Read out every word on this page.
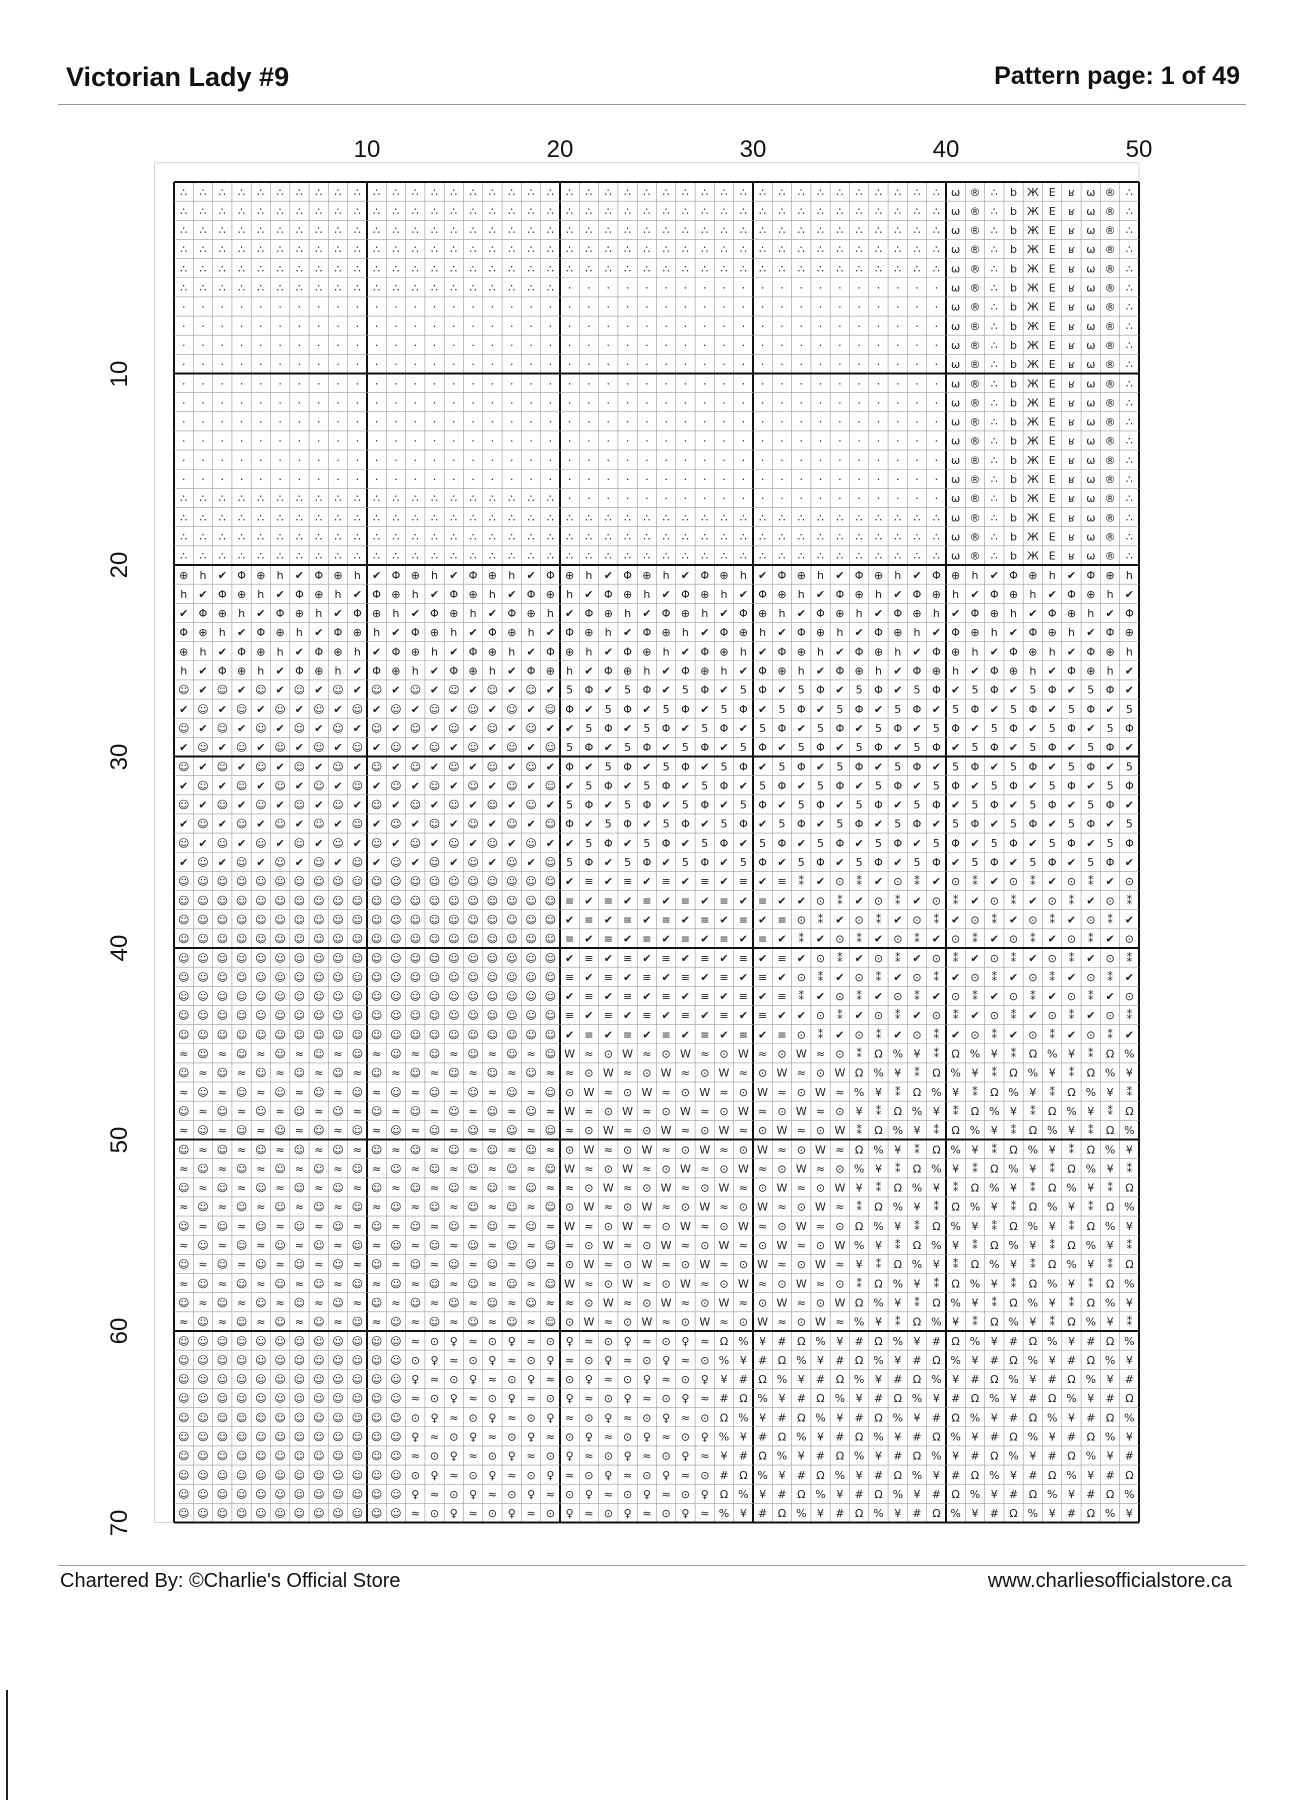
Victorian Lady #9	Pattern page: 1 of 49
10	20	30	40	50
10
20
30
40
50
60
70
∴ ∴ ∴ ∴ ∴ ∴ ∴ ∴ ∴ ∴ ∴ ∴ ∴ ∴ ∴ ∴ ∴ ∴ ∴ ∴ ∴ ∴ ∴ ∴ ∴ ∴ ∴ ∴ ∴ ∴ ∴ ∴ ∴ ∴ ∴ ∴ ∴ ∴ ∴ ∴ ω ® ∴ b Ж E ʁ ω ® ∴
∴ ∴ ∴ ∴ ∴ ∴ ∴ ∴ ∴ ∴ ∴ ∴ ∴ ∴ ∴ ∴ ∴ ∴ ∴ ∴ ∴ ∴ ∴ ∴ ∴ ∴ ∴ ∴ ∴ ∴ ∴ ∴ ∴ ∴ ∴ ∴ ∴ ∴ ∴ ∴ ω ® ∴ b Ж E ʁ ω ® ∴
∴ ∴ ∴ ∴ ∴ ∴ ∴ ∴ ∴ ∴ ∴ ∴ ∴ ∴ ∴ ∴ ∴ ∴ ∴ ∴ ∴ ∴ ∴ ∴ ∴ ∴ ∴ ∴ ∴ ∴ ∴ ∴ ∴ ∴ ∴ ∴ ∴ ∴ ∴ ∴ ω ® ∴ b Ж E ʁ ω ® ∴
∴ ∴ ∴ ∴ ∴ ∴ ∴ ∴ ∴ ∴ ∴ ∴ ∴ ∴ ∴ ∴ ∴ ∴ ∴ ∴ ∴ ∴ ∴ ∴ ∴ ∴ ∴ ∴ ∴ ∴ ∴ ∴ ∴ ∴ ∴ ∴ ∴ ∴ ∴ ∴ ω ® ∴ b Ж E ʁ ω ® ∴
∴ ∴ ∴ ∴ ∴ ∴ ∴ ∴ ∴ ∴ ∴ ∴ ∴ ∴ ∴ ∴ ∴ ∴ ∴ ∴ ∴ ∴ ∴ ∴ ∴ ∴ ∴ ∴ ∴ ∴ ∴ ∴ ∴ ∴ ∴ ∴ ∴ ∴ ∴ ∴ ω ® ∴ b Ж E ʁ ω ® ∴
∴ ∴ ∴ ∴ ∴ ∴ ∴ ∴ ∴ ∴ ∴ ∴ ∴ ∴ ∴ ∴ ∴ ∴ ∴ ∴ · · · · · · · · · · · · · · · · · · · · ω ® ∴ b Ж E ʁ ω ® ∴
· · · · · · · · · · · · · · · · · · · · · · · · · · · · · · · · · · · · · · · · ω ® ∴ b Ж E ʁ ω ® ∴
· · · · · · · · · · · · · · · · · · · · · · · · · · · · · · · · · · · · · · · · ω ® ∴ b Ж E ʁ ω ® ∴
· · · · · · · · · · · · · · · · · · · · · · · · · · · · · · · · · · · · · · · · ω ® ∴ b Ж E ʁ ω ® ∴
· · · · · · · · · · · · · · · · · · · · · · · · · · · · · · · · · · · · · · · · ω ® ∴ b Ж E ʁ ω ® ∴
· · · · · · · · · · · · · · · · · · · · · · · · · · · · · · · · · · · · · · · · ω ® ∴ b Ж E ʁ ω ® ∴
· · · · · · · · · · · · · · · · · · · · · · · · · · · · · · · · · · · · · · · · ω ® ∴ b Ж E ʁ ω ® ∴
· · · · · · · · · · · · · · · · · · · · · · · · · · · · · · · · · · · · · · · · ω ® ∴ b Ж E ʁ ω ® ∴
· · · · · · · · · · · · · · · · · · · · · · · · · · · · · · · · · · · · · · · · ω ® ∴ b Ж E ʁ ω ® ∴
· · · · · · · · · · · · · · · · · · · · · · · · · · · · · · · · · · · · · · · · ω ® ∴ b Ж E ʁ ω ® ∴
· · · · · · · · · · · · · · · · · · · · · · · · · · · · · · · · · · · · · · · · ω ® ∴ b Ж E ʁ ω ® ∴
∴ ∴ ∴ ∴ ∴ ∴ ∴ ∴ ∴ ∴ ∴ ∴ ∴ ∴ ∴ ∴ ∴ ∴ ∴ ∴ · · · · · · · · · · · · · · · · · · · · ω ® ∴ b Ж E ʁ ω ® ∴
∴ ∴ ∴ ∴ ∴ ∴ ∴ ∴ ∴ ∴ ∴ ∴ ∴ ∴ ∴ ∴ ∴ ∴ ∴ ∴ ∴ ∴ ∴ ∴ ∴ ∴ ∴ ∴ ∴ ∴ ∴ ∴ ∴ ∴ ∴ ∴ ∴ ∴ ∴ ∴ ω ® ∴ b Ж E ʁ ω ® ∴
∴ ∴ ∴ ∴ ∴ ∴ ∴ ∴ ∴ ∴ ∴ ∴ ∴ ∴ ∴ ∴ ∴ ∴ ∴ ∴ ∴ ∴ ∴ ∴ ∴ ∴ ∴ ∴ ∴ ∴ ∴ ∴ ∴ ∴ ∴ ∴ ∴ ∴ ∴ ∴ ω ® ∴ b Ж E ʁ ω ® ∴
∴ ∴ ∴ ∴ ∴ ∴ ∴ ∴ ∴ ∴ ∴ ∴ ∴ ∴ ∴ ∴ ∴ ∴ ∴ ∴ ∴ ∴ ∴ ∴ ∴ ∴ ∴ ∴ ∴ ∴ ∴ ∴ ∴ ∴ ∴ ∴ ∴ ∴ ∴ ∴ ω ® ∴ b Ж E ʁ ω ® ∴
⊕ h ✔ Φ ⊕ h ✔ Φ ⊕ h ✔ Φ ⊕ h ✔ Φ ⊕ h ✔ Φ ⊕ h ✔ Φ ⊕ h ✔ Φ ⊕ h ✔ Φ ⊕ h ✔ Φ ⊕ h ✔ Φ ⊕ h ✔ Φ ⊕ h ✔ Φ ⊕ h
h ✔ Φ ⊕ h ✔ Φ ⊕ h ✔ Φ ⊕ h ✔ Φ ⊕ h ✔ Φ ⊕ h ✔ Φ ⊕ h ✔ Φ ⊕ h ✔ Φ ⊕ h ✔ Φ ⊕ h ✔ Φ ⊕ h ✔ Φ ⊕ h ✔ Φ ⊕ h ✔
✔ Φ ⊕ h ✔ Φ ⊕ h ✔ Φ ⊕ h ✔ Φ ⊕ h ✔ Φ ⊕ h ✔ Φ ⊕ h ✔ Φ ⊕ h ✔ Φ ⊕ h ✔ Φ ⊕ h ✔ Φ ⊕ h ✔ Φ ⊕ h ✔ Φ ⊕ h ✔ Φ
Φ ⊕ h ✔ Φ ⊕ h ✔ Φ ⊕ h ✔ Φ ⊕ h ✔ Φ ⊕ h ✔ Φ ⊕ h ✔ Φ ⊕ h ✔ Φ ⊕ h ✔ Φ ⊕ h ✔ Φ ⊕ h ✔ Φ ⊕ h ✔ Φ ⊕ h ✔ Φ ⊕
⊕ h ✔ Φ ⊕ h ✔ Φ ⊕ h ✔ Φ ⊕ h ✔ Φ ⊕ h ✔ Φ ⊕ h ✔ Φ ⊕ h ✔ Φ ⊕ h ✔ Φ ⊕ h ✔ Φ ⊕ h ✔ Φ ⊕ h ✔ Φ ⊕ h ✔ Φ ⊕ h
h ✔ Φ ⊕ h ✔ Φ ⊕ h ✔ Φ ⊕ h ✔ Φ ⊕ h ✔ Φ ⊕ h ✔ Φ ⊕ h ✔ Φ ⊕ h ✔ Φ ⊕ h ✔ Φ ⊕ h ✔ Φ ⊕ h ✔ Φ ⊕ h ✔ Φ ⊕ h ✔
☺ ✔ ☺ ✔ ☺ ✔ ☺ ✔ ☺ ✔ ☺ ✔ ☺ ✔ ☺ ✔ ☺ ✔ ☺ ✔ 5 Φ ✔ 5 Φ ✔ 5 Φ ✔ 5 Φ ✔ 5 Φ ✔ 5 Φ ✔ 5 Φ ✔ 5 Φ ✔ 5 Φ ✔ 5 Φ ✔
✔ ☺ ✔ ☺ ✔ ☺ ✔ ☺ ✔ ☺ ✔ ☺ ✔ ☺ ✔ ☺ ✔ ☺ ✔ ☺ Φ ✔ 5 Φ ✔ 5 Φ ✔ 5 Φ ✔ 5 Φ ✔ 5 Φ ✔ 5 Φ ✔ 5 Φ ✔ 5 Φ ✔ 5 Φ ✔ 5
☺ ✔ ☺ ✔ ☺ ✔ ☺ ✔ ☺ ✔ ☺ ✔ ☺ ✔ ☺ ✔ ☺ ✔ ☺ ✔ ✔ 5 Φ ✔ 5 Φ ✔ 5 Φ ✔ 5 Φ ✔ 5 Φ ✔ 5 Φ ✔ 5 Φ ✔ 5 Φ ✔ 5 Φ ✔ 5 Φ
✔ ☺ ✔ ☺ ✔ ☺ ✔ ☺ ✔ ☺ ✔ ☺ ✔ ☺ ✔ ☺ ✔ ☺ ✔ ☺ 5 Φ ✔ 5 Φ ✔ 5 Φ ✔ 5 Φ ✔ 5 Φ ✔ 5 Φ ✔ 5 Φ ✔ 5 Φ ✔ 5 Φ ✔ 5 Φ ✔
☺ ✔ ☺ ✔ ☺ ✔ ☺ ✔ ☺ ✔ ☺ ✔ ☺ ✔ ☺ ✔ ☺ ✔ ☺ ✔ Φ ✔ 5 Φ ✔ 5 Φ ✔ 5 Φ ✔ 5 Φ ✔ 5 Φ ✔ 5 Φ ✔ 5 Φ ✔ 5 Φ ✔ 5 Φ ✔ 5
✔ ☺ ✔ ☺ ✔ ☺ ✔ ☺ ✔ ☺ ✔ ☺ ✔ ☺ ✔ ☺ ✔ ☺ ✔ ☺ ✔ 5 Φ ✔ 5 Φ ✔ 5 Φ ✔ 5 Φ ✔ 5 Φ ✔ 5 Φ ✔ 5 Φ ✔ 5 Φ ✔ 5 Φ ✔ 5 Φ
☺ ✔ ☺ ✔ ☺ ✔ ☺ ✔ ☺ ✔ ☺ ✔ ☺ ✔ ☺ ✔ ☺ ✔ ☺ ✔ 5 Φ ✔ 5 Φ ✔ 5 Φ ✔ 5 Φ ✔ 5 Φ ✔ 5 Φ ✔ 5 Φ ✔ 5 Φ ✔ 5 Φ ✔ 5 Φ ✔
✔ ☺ ✔ ☺ ✔ ☺ ✔ ☺ ✔ ☺ ✔ ☺ ✔ ☺ ✔ ☺ ✔ ☺ ✔ ☺ Φ ✔ 5 Φ ✔ 5 Φ ✔ 5 Φ ✔ 5 Φ ✔ 5 Φ ✔ 5 Φ ✔ 5 Φ ✔ 5 Φ ✔ 5 Φ ✔ 5
☺ ✔ ☺ ✔ ☺ ✔ ☺ ✔ ☺ ✔ ☺ ✔ ☺ ✔ ☺ ✔ ☺ ✔ ☺ ✔ ✔ 5 Φ ✔ 5 Φ ✔ 5 Φ ✔ 5 Φ ✔ 5 Φ ✔ 5 Φ ✔ 5 Φ ✔ 5 Φ ✔ 5 Φ ✔ 5 Φ
✔ ☺ ✔ ☺ ✔ ☺ ✔ ☺ ✔ ☺ ✔ ☺ ✔ ☺ ✔ ☺ ✔ ☺ ✔ ☺ 5 Φ ✔ 5 Φ ✔ 5 Φ ✔ 5 Φ ✔ 5 Φ ✔ 5 Φ ✔ 5 Φ ✔ 5 Φ ✔ 5 Φ ✔ 5 Φ ✔
☺ ☺ ☺ ☺ ☺ ☺ ☺ ☺ ☺ ☺ ☺ ☺ ☺ ☺ ☺ ☺ ☺ ☺ ☺ ☺ ✔ ≡ ✔ ≡ ✔ ≡ ✔ ≡ ✔ ≡ ✔ ≡ ⁑ ✔ ⊙ ⁑ ✔ ⊙ ⁑ ✔ ⊙ ⁑ ✔ ⊙ ⁑ ✔ ⊙ ⁑ ✔ ⊙
☺ ☺ ☺ ☺ ☺ ☺ ☺ ☺ ☺ ☺ ☺ ☺ ☺ ☺ ☺ ☺ ☺ ☺ ☺ ☺ ≡ ✔ ≡ ✔ ≡ ✔ ≡ ✔ ≡ ✔ ≡ ✔ ✔ ⊙ ⁑ ✔ ⊙ ⁑ ✔ ⊙ ⁑ ✔ ⊙ ⁑ ✔ ⊙ ⁑ ✔ ⊙ ⁑
☺ ☺ ☺ ☺ ☺ ☺ ☺ ☺ ☺ ☺ ☺ ☺ ☺ ☺ ☺ ☺ ☺ ☺ ☺ ☺ ✔ ≡ ✔ ≡ ✔ ≡ ✔ ≡ ✔ ≡ ✔ ≡ ⊙ ⁑ ✔ ⊙ ⁑ ✔ ⊙ ⁑ ✔ ⊙ ⁑ ✔ ⊙ ⁑ ✔ ⊙ ⁑ ✔
☺ ☺ ☺ ☺ ☺ ☺ ☺ ☺ ☺ ☺ ☺ ☺ ☺ ☺ ☺ ☺ ☺ ☺ ☺ ☺ ≡ ✔ ≡ ✔ ≡ ✔ ≡ ✔ ≡ ✔ ≡ ✔ ⁑ ✔ ⊙ ⁑ ✔ ⊙ ⁑ ✔ ⊙ ⁑ ✔ ⊙ ⁑ ✔ ⊙ ⁑ ✔ ⊙
☺ ☺ ☺ ☺ ☺ ☺ ☺ ☺ ☺ ☺ ☺ ☺ ☺ ☺ ☺ ☺ ☺ ☺ ☺ ☺ ✔ ≡ ✔ ≡ ✔ ≡ ✔ ≡ ✔ ≡ ✔ ≡ ✔ ⊙ ⁑ ✔ ⊙ ⁑ ✔ ⊙ ⁑ ✔ ⊙ ⁑ ✔ ⊙ ⁑ ✔ ⊙ ⁑
☺ ☺ ☺ ☺ ☺ ☺ ☺ ☺ ☺ ☺ ☺ ☺ ☺ ☺ ☺ ☺ ☺ ☺ ☺ ☺ ≡ ✔ ≡ ✔ ≡ ✔ ≡ ✔ ≡ ✔ ≡ ✔ ⊙ ⁑ ✔ ⊙ ⁑ ✔ ⊙ ⁑ ✔ ⊙ ⁑ ✔ ⊙ ⁑ ✔ ⊙ ⁑ ✔
☺ ☺ ☺ ☺ ☺ ☺ ☺ ☺ ☺ ☺ ☺ ☺ ☺ ☺ ☺ ☺ ☺ ☺ ☺ ☺ ✔ ≡ ✔ ≡ ✔ ≡ ✔ ≡ ✔ ≡ ✔ ≡ ⁑ ✔ ⊙ ⁑ ✔ ⊙ ⁑ ✔ ⊙ ⁑ ✔ ⊙ ⁑ ✔ ⊙ ⁑ ✔ ⊙
☺ ☺ ☺ ☺ ☺ ☺ ☺ ☺ ☺ ☺ ☺ ☺ ☺ ☺ ☺ ☺ ☺ ☺ ☺ ☺ ≡ ✔ ≡ ✔ ≡ ✔ ≡ ✔ ≡ ✔ ≡ ✔ ✔ ⊙ ⁑ ✔ ⊙ ⁑ ✔ ⊙ ⁑ ✔ ⊙ ⁑ ✔ ⊙ ⁑ ✔ ⊙ ⁑
☺ ☺ ☺ ☺ ☺ ☺ ☺ ☺ ☺ ☺ ☺ ☺ ☺ ☺ ☺ ☺ ☺ ☺ ☺ ☺ ✔ ≡ ✔ ≡ ✔ ≡ ✔ ≡ ✔ ≡ ✔ ≡ ⊙ ⁑ ✔ ⊙ ⁑ ✔ ⊙ ⁑ ✔ ⊙ ⁑ ✔ ⊙ ⁑ ✔ ⊙ ⁑ ✔
≈ ☺ ≈ ☺ ≈ ☺ ≈ ☺ ≈ ☺ ≈ ☺ ≈ ☺ ≈ ☺ ≈ ☺ ≈ ☺ W ≈ ⊙ W ≈ ⊙ W ≈ ⊙ W ≈ ⊙ W ≈ ⊙ ⁑ Ω % ¥ ⁑ Ω % ¥ ⁑ Ω % ¥ ⁑ Ω %
☺ ≈ ☺ ≈ ☺ ≈ ☺ ≈ ☺ ≈ ☺ ≈ ☺ ≈ ☺ ≈ ☺ ≈ ☺ ≈ ≈ ⊙ W ≈ ⊙ W ≈ ⊙ W ≈ ⊙ W ≈ ⊙ W Ω % ¥ ⁑ Ω % ¥ ⁑ Ω % ¥ ⁑ Ω % ¥
≈ ☺ ≈ ☺ ≈ ☺ ≈ ☺ ≈ ☺ ≈ ☺ ≈ ☺ ≈ ☺ ≈ ☺ ≈ ☺ ⊙ W ≈ ⊙ W ≈ ⊙ W ≈ ⊙ W ≈ ⊙ W ≈ % ¥ ⁑ Ω % ¥ ⁑ Ω % ¥ ⁑ Ω % ¥ ⁑
☺ ≈ ☺ ≈ ☺ ≈ ☺ ≈ ☺ ≈ ☺ ≈ ☺ ≈ ☺ ≈ ☺ ≈ ☺ ≈ W ≈ ⊙ W ≈ ⊙ W ≈ ⊙ W ≈ ⊙ W ≈ ⊙ ¥ ⁑ Ω % ¥ ⁑ Ω % ¥ ⁑ Ω % ¥ ⁑ Ω
≈ ☺ ≈ ☺ ≈ ☺ ≈ ☺ ≈ ☺ ≈ ☺ ≈ ☺ ≈ ☺ ≈ ☺ ≈ ☺ ≈ ⊙ W ≈ ⊙ W ≈ ⊙ W ≈ ⊙ W ≈ ⊙ W ⁑ Ω % ¥ ⁑ Ω % ¥ ⁑ Ω % ¥ ⁑ Ω %
☺ ≈ ☺ ≈ ☺ ≈ ☺ ≈ ☺ ≈ ☺ ≈ ☺ ≈ ☺ ≈ ☺ ≈ ☺ ≈ ⊙ W ≈ ⊙ W ≈ ⊙ W ≈ ⊙ W ≈ ⊙ W ≈ Ω % ¥ ⁑ Ω % ¥ ⁑ Ω % ¥ ⁑ Ω % ¥
≈ ☺ ≈ ☺ ≈ ☺ ≈ ☺ ≈ ☺ ≈ ☺ ≈ ☺ ≈ ☺ ≈ ☺ ≈ ☺ W ≈ ⊙ W ≈ ⊙ W ≈ ⊙ W ≈ ⊙ W ≈ ⊙ % ¥ ⁑ Ω % ¥ ⁑ Ω % ¥ ⁑ Ω % ¥ ⁑
☺ ≈ ☺ ≈ ☺ ≈ ☺ ≈ ☺ ≈ ☺ ≈ ☺ ≈ ☺ ≈ ☺ ≈ ☺ ≈ ≈ ⊙ W ≈ ⊙ W ≈ ⊙ W ≈ ⊙ W ≈ ⊙ W ¥ ⁑ Ω % ¥ ⁑ Ω % ¥ ⁑ Ω % ¥ ⁑ Ω
≈ ☺ ≈ ☺ ≈ ☺ ≈ ☺ ≈ ☺ ≈ ☺ ≈ ☺ ≈ ☺ ≈ ☺ ≈ ☺ ⊙ W ≈ ⊙ W ≈ ⊙ W ≈ ⊙ W ≈ ⊙ W ≈ ⁑ Ω % ¥ ⁑ Ω % ¥ ⁑ Ω % ¥ ⁑ Ω %
☺ ≈ ☺ ≈ ☺ ≈ ☺ ≈ ☺ ≈ ☺ ≈ ☺ ≈ ☺ ≈ ☺ ≈ ☺ ≈ W ≈ ⊙ W ≈ ⊙ W ≈ ⊙ W ≈ ⊙ W ≈ ⊙ Ω % ¥ ⁑ Ω % ¥ ⁑ Ω % ¥ ⁑ Ω % ¥
≈ ☺ ≈ ☺ ≈ ☺ ≈ ☺ ≈ ☺ ≈ ☺ ≈ ☺ ≈ ☺ ≈ ☺ ≈ ☺ ≈ ⊙ W ≈ ⊙ W ≈ ⊙ W ≈ ⊙ W ≈ ⊙ W % ¥ ⁑ Ω % ¥ ⁑ Ω % ¥ ⁑ Ω % ¥ ⁑
☺ ≈ ☺ ≈ ☺ ≈ ☺ ≈ ☺ ≈ ☺ ≈ ☺ ≈ ☺ ≈ ☺ ≈ ☺ ≈ ⊙ W ≈ ⊙ W ≈ ⊙ W ≈ ⊙ W ≈ ⊙ W ≈ ¥ ⁑ Ω % ¥ ⁑ Ω % ¥ ⁑ Ω % ¥ ⁑ Ω
≈ ☺ ≈ ☺ ≈ ☺ ≈ ☺ ≈ ☺ ≈ ☺ ≈ ☺ ≈ ☺ ≈ ☺ ≈ ☺ W ≈ ⊙ W ≈ ⊙ W ≈ ⊙ W ≈ ⊙ W ≈ ⊙ ⁑ Ω % ¥ ⁑ Ω % ¥ ⁑ Ω % ¥ ⁑ Ω %
☺ ≈ ☺ ≈ ☺ ≈ ☺ ≈ ☺ ≈ ☺ ≈ ☺ ≈ ☺ ≈ ☺ ≈ ☺ ≈ ≈ ⊙ W ≈ ⊙ W ≈ ⊙ W ≈ ⊙ W ≈ ⊙ W Ω % ¥ ⁑ Ω % ¥ ⁑ Ω % ¥ ⁑ Ω % ¥
≈ ☺ ≈ ☺ ≈ ☺ ≈ ☺ ≈ ☺ ≈ ☺ ≈ ☺ ≈ ☺ ≈ ☺ ≈ ☺ ⊙ W ≈ ⊙ W ≈ ⊙ W ≈ ⊙ W ≈ ⊙ W ≈ % ¥ ⁑ Ω % ¥ ⁑ Ω % ¥ ⁑ Ω % ¥ ⁑
☺ ☺ ☺ ☺ ☺ ☺ ☺ ☺ ☺ ☺ ☺ ☺ ≈ ⊙ ♀ ≈ ⊙ ♀ ≈ ⊙ ♀ ≈ ⊙ ♀ ≈ ⊙ ♀ ≈ Ω % ¥ # Ω % ¥ # Ω % ¥ # Ω % ¥ # Ω % ¥ # Ω %
☺ ☺ ☺ ☺ ☺ ☺ ☺ ☺ ☺ ☺ ☺ ☺ ⊙ ♀ ≈ ⊙ ♀ ≈ ⊙ ♀ ≈ ⊙ ♀ ≈ ⊙ ♀ ≈ ⊙ % ¥ # Ω % ¥ # Ω % ¥ # Ω % ¥ # Ω % ¥ # Ω % ¥
☺ ☺ ☺ ☺ ☺ ☺ ☺ ☺ ☺ ☺ ☺ ☺ ♀ ≈ ⊙ ♀ ≈ ⊙ ♀ ≈ ⊙ ♀ ≈ ⊙ ♀ ≈ ⊙ ♀ ¥ # Ω % ¥ # Ω % ¥ # Ω % ¥ # Ω % ¥ # Ω % ¥ #
☺ ☺ ☺ ☺ ☺ ☺ ☺ ☺ ☺ ☺ ☺ ☺ ≈ ⊙ ♀ ≈ ⊙ ♀ ≈ ⊙ ♀ ≈ ⊙ ♀ ≈ ⊙ ♀ ≈ # Ω % ¥ # Ω % ¥ # Ω % ¥ # Ω % ¥ # Ω % ¥ # Ω
☺ ☺ ☺ ☺ ☺ ☺ ☺ ☺ ☺ ☺ ☺ ☺ ⊙ ♀ ≈ ⊙ ♀ ≈ ⊙ ♀ ≈ ⊙ ♀ ≈ ⊙ ♀ ≈ ⊙ Ω % ¥ # Ω % ¥ # Ω % ¥ # Ω % ¥ # Ω % ¥ # Ω %
☺ ☺ ☺ ☺ ☺ ☺ ☺ ☺ ☺ ☺ ☺ ☺ ♀ ≈ ⊙ ♀ ≈ ⊙ ♀ ≈ ⊙ ♀ ≈ ⊙ ♀ ≈ ⊙ ♀ % ¥ # Ω % ¥ # Ω % ¥ # Ω % ¥ # Ω % ¥ # Ω % ¥
☺ ☺ ☺ ☺ ☺ ☺ ☺ ☺ ☺ ☺ ☺ ☺ ≈ ⊙ ♀ ≈ ⊙ ♀ ≈ ⊙ ♀ ≈ ⊙ ♀ ≈ ⊙ ♀ ≈ ¥ # Ω % ¥ # Ω % ¥ # Ω % ¥ # Ω % ¥ # Ω % ¥ #
☺ ☺ ☺ ☺ ☺ ☺ ☺ ☺ ☺ ☺ ☺ ☺ ⊙ ♀ ≈ ⊙ ♀ ≈ ⊙ ♀ ≈ ⊙ ♀ ≈ ⊙ ♀ ≈ ⊙ # Ω % ¥ # Ω % ¥ # Ω % ¥ # Ω % ¥ # Ω % ¥ # Ω
☺ ☺ ☺ ☺ ☺ ☺ ☺ ☺ ☺ ☺ ☺ ☺ ♀ ≈ ⊙ ♀ ≈ ⊙ ♀ ≈ ⊙ ♀ ≈ ⊙ ♀ ≈ ⊙ ♀ Ω % ¥ # Ω % ¥ # Ω % ¥ # Ω % ¥ # Ω % ¥ # Ω %
☺ ☺ ☺ ☺ ☺ ☺ ☺ ☺ ☺ ☺ ☺ ☺ ≈ ⊙ ♀ ≈ ⊙ ♀ ≈ ⊙ ♀ ≈ ⊙ ♀ ≈ ⊙ ♀ ≈ % ¥ # Ω % ¥ # Ω % ¥ # Ω % ¥ # Ω % ¥ # Ω % ¥
Chartered By: ©Charlie's Official Store	www.charliesofficialstore.ca
